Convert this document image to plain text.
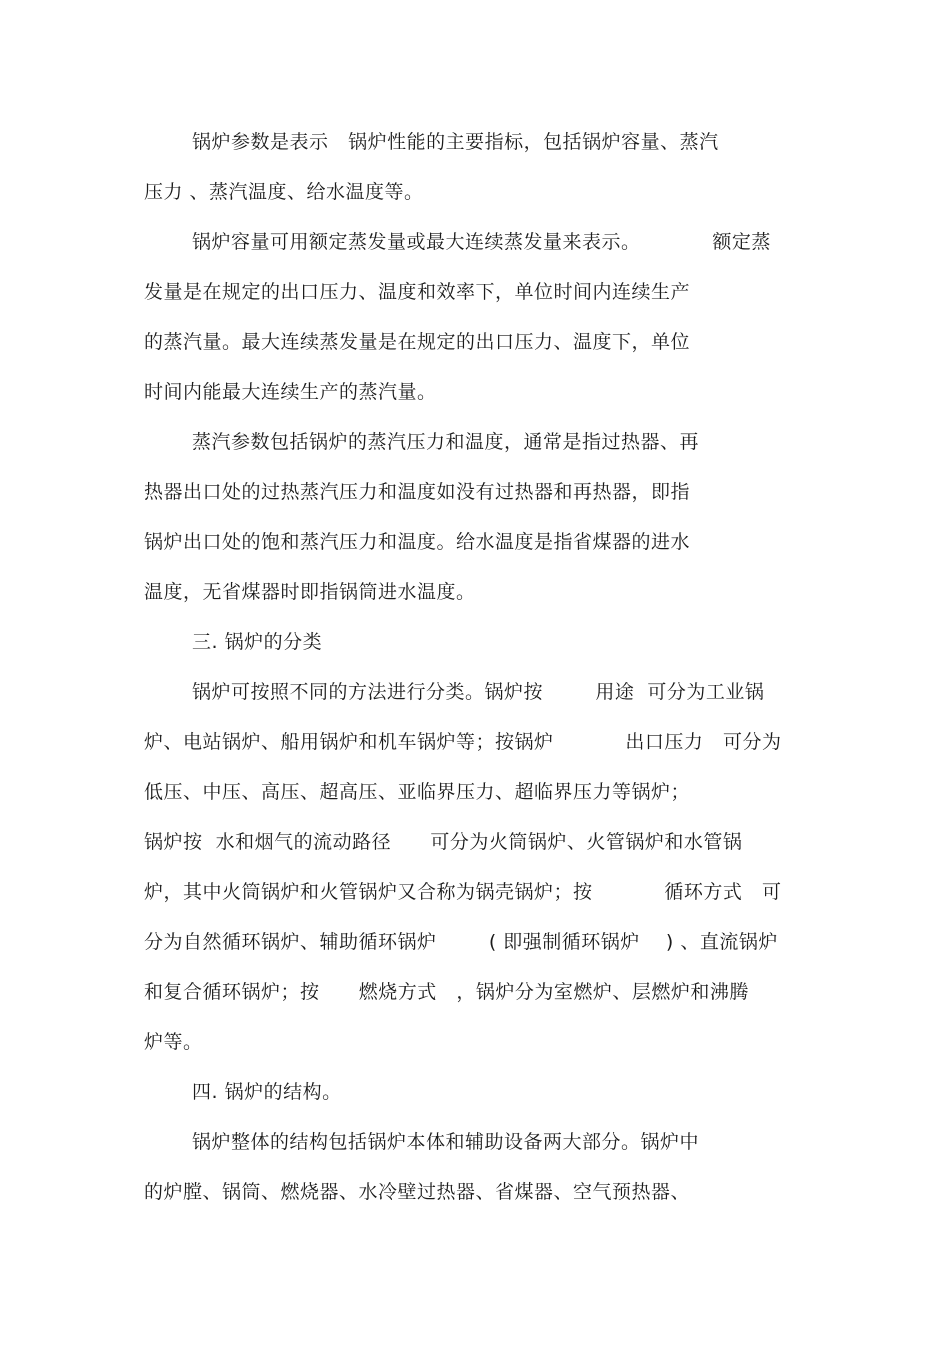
锅炉参数是表示   锅炉性能的主要指标，包括锅炉容量、蒸汽
压力 、蒸汽温度、给水温度等。
锅炉容量可用额定蒸发量或最大连续蒸发量来表示。           额定蒸
发量是在规定的出口压力、温度和效率下，单位时间内连续生产
的蒸汽量。最大连续蒸发量是在规定的出口压力、温度下，单位
时间内能最大连续生产的蒸汽量。
蒸汽参数包括锅炉的蒸汽压力和温度，通常是指过热器、再
热器出口处的过热蒸汽压力和温度如没有过热器和再热器，即指
锅炉出口处的饱和蒸汽压力和温度。给水温度是指省煤器的进水
温度，无省煤器时即指锅筒进水温度。
三. 锅炉的分类
锅炉可按照不同的方法进行分类。锅炉按        用途  可分为工业锅
炉、电站锅炉、船用锅炉和机车锅炉等；按锅炉           出口压力   可分为
低压、中压、高压、超高压、亚临界压力、超临界压力等锅炉；
锅炉按  水和烟气的流动路径      可分为火筒锅炉、火管锅炉和水管锅
炉，其中火筒锅炉和火管锅炉又合称为锅壳锅炉；按           循环方式   可
分为自然循环锅炉、辅助循环锅炉        ( 即强制循环锅炉    ) 、直流锅炉
和复合循环锅炉；按      燃烧方式   ，锅炉分为室燃炉、层燃炉和沸腾
炉等。
四. 锅炉的结构。
锅炉整体的结构包括锅炉本体和辅助设备两大部分。锅炉中
的炉膛、锅筒、燃烧器、水冷壁过热器、省煤器、空气预热器、
